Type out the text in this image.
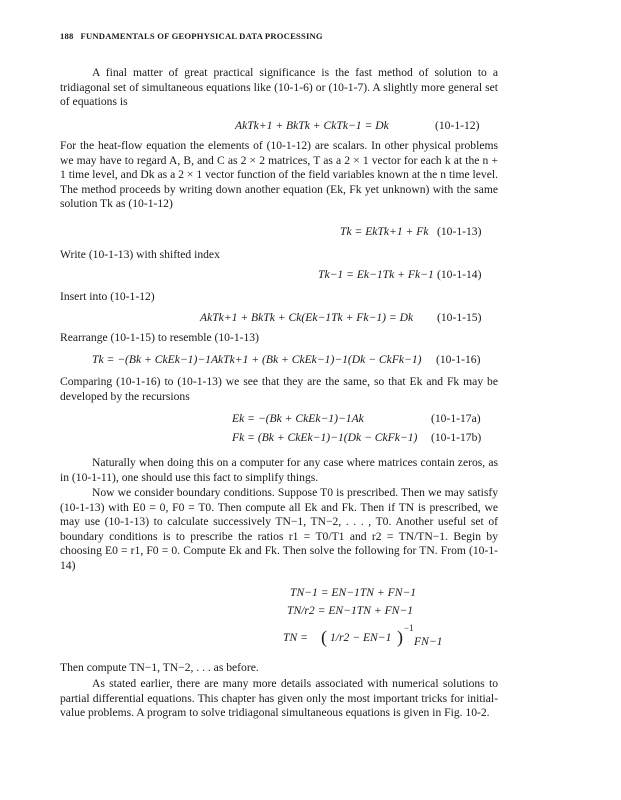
188 FUNDAMENTALS OF GEOPHYSICAL DATA PROCESSING
A final matter of great practical significance is the fast method of solution to a tridiagonal set of simultaneous equations like (10-1-6) or (10-1-7). A slightly more general set of equations is
AkTk+1 + BkTk + CkTk−1 = Dk	(10-1-12)
For the heat-flow equation the elements of (10-1-12) are scalars. In other physical problems we may have to regard A, B, and C as 2 × 2 matrices, T as a 2 × 1 vector for each k at the n + 1 time level, and Dk as a 2 × 1 vector function of the field variables known at the n time level. The method proceeds by writing down another equation (Ek, Fk yet unknown) with the same solution Tk as (10-1-12)
Tk = EkTk+1 + Fk (10-1-13)
Write (10-1-13) with shifted index
Tk−1 = Ek−1Tk + Fk−1 (10-1-14)
Insert into (10-1-12)
AkTk+1 + BkTk + Ck(Ek−1Tk + Fk−1) = Dk (10-1-15)
Rearrange (10-1-15) to resemble (10-1-13)
Tk = −(Bk + CkEk−1)−1AkTk+1 + (Bk + CkEk−1)−1(Dk − CkFk−1) (10-1-16)
Comparing (10-1-16) to (10-1-13) we see that they are the same, so that Ek and Fk may be developed by the recursions
Ek = −(Bk + CkEk−1)−1Ak	(10-1-17a)
Fk = (Bk + CkEk−1)−1(Dk − CkFk−1) (10-1-17b)
Naturally when doing this on a computer for any case where matrices contain zeros, as in (10-1-11), one should use this fact to simplify things.
Now we consider boundary conditions. Suppose T0 is prescribed. Then we may satisfy (10-1-13) with E0 = 0, F0 = T0. Then compute all Ek and Fk. Then if TN is prescribed, we may use (10-1-13) to calculate successively TN−1, TN−2, . . . , T0. Another useful set of boundary conditions is to prescribe the ratios r1 = T0/T1 and r2 = TN/TN−1. Begin by choosing E0 = r1, F0 = 0. Compute Ek and Fk. Then solve the following for TN. From (10-1-14)
TN−1 = EN−1TN + FN−1
TN/r2 = EN−1TN + FN−1
TN = ( 1/r2 − EN−1 ) −1
FN−1
Then compute TN−1, TN−2, . . . as before.
As stated earlier, there are many more details associated with numerical solutions to partial differential equations. This chapter has given only the most important tricks for initial-value problems. A program to solve tridiagonal simultaneous equations is given in Fig. 10-2.
